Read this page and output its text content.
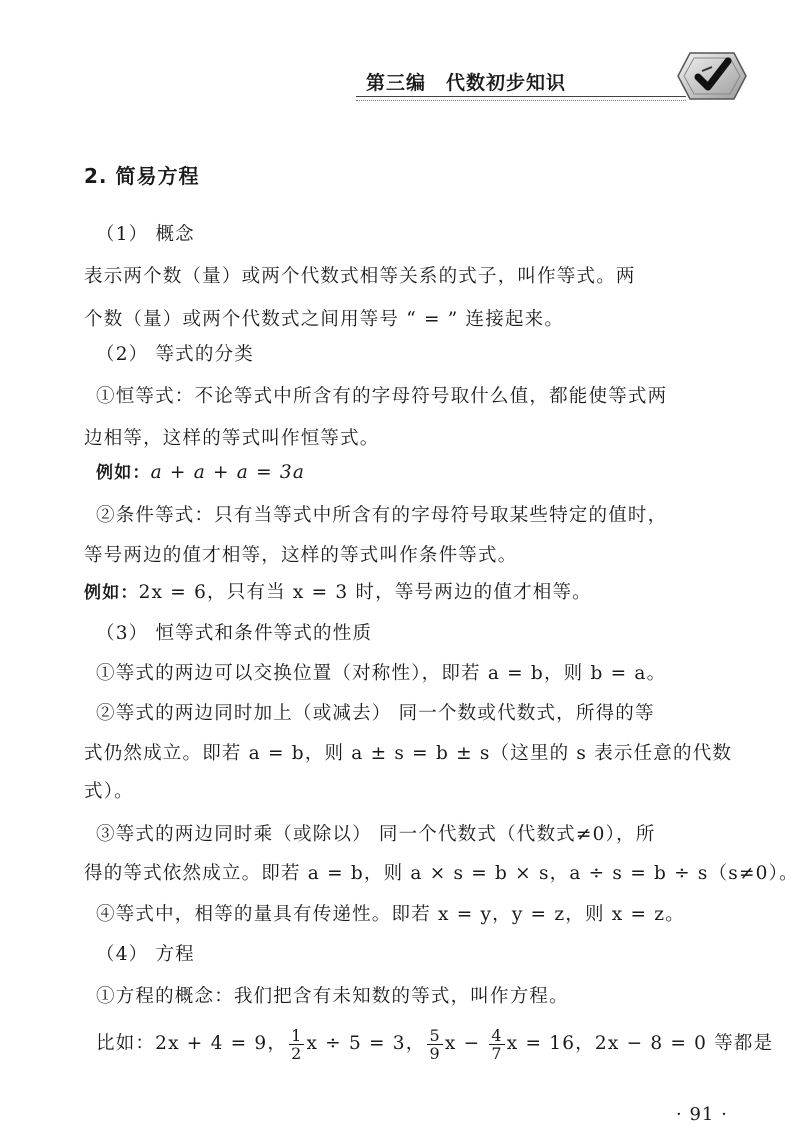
第三编　代数初步知识
2. 简易方程
（1） 概念
表示两个数（量）或两个代数式相等关系的式子，叫作等式。两
个数（量）或两个代数式之间用等号 “ = ” 连接起来。
（2） 等式的分类
①恒等式：不论等式中所含有的字母符号取什么值，都能使等式两
边相等，这样的等式叫作恒等式。
例如：a + a + a = 3a
②条件等式：只有当等式中所含有的字母符号取某些特定的值时，
等号两边的值才相等，这样的等式叫作条件等式。
例如：2x = 6，只有当 x = 3 时，等号两边的值才相等。
（3） 恒等式和条件等式的性质
①等式的两边可以交换位置（对称性），即若 a = b，则 b = a。
②等式的两边同时加上（或减去） 同一个数或代数式，所得的等
式仍然成立。即若 a = b，则 a ± s = b ± s（这里的 s 表示任意的代数
式）。
③等式的两边同时乘（或除以） 同一个代数式（代数式≠0），所
得的等式依然成立。即若 a = b，则 a × s = b × s，a ÷ s = b ÷ s（s≠0）。
④等式中，相等的量具有传递性。即若 x = y，y = z，则 x = z。
（4） 方程
①方程的概念：我们把含有未知数的等式，叫作方程。
比如：2x + 4 = 9， $\frac{1}{2}$ x ÷ 5 = 3， $\frac{5}{9}$ $x - \frac{4}{7}$ x = 16，2x − 8 = 0 等都是
· 91 ·
